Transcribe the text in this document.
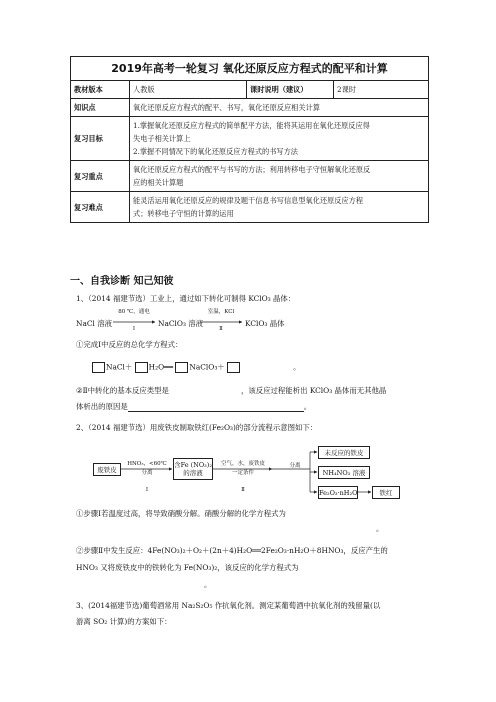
2019年高考一轮复习 氧化还原反应方程式的配平和计算			
教材版本	人教版	课时说明（建议）	2课时
知识点	氧化还原反应方程式的配平、书写，氧化还原反应相关计算		
复习目标	1.掌握氧化还原反应方程式的简单配平方法，能将其运用在氧化还原反应得
失电子相关计算上
2.掌握不同情况下的氧化还原反应方程式的书写方法		

复习重点	氧化还原反应方程式的配平与书写的方法；利用转移电子守恒解氧化还原反
应的相关计算题		

复习难点	能灵活运用氧化还原反应的规律及题干信息书写信息型氧化还原反应方程
式；转移电子守恒的计算的运用		
一、自我诊断 知己知彼
1、（2014 福建节选）工业上，通过如下转化可制得 KClO₃ 晶体：
NaCl 溶液
80 ℃，通电
Ⅰ
NaClO₃ 溶液
室温，KCl
Ⅱ
KClO₃ 晶体
①完成Ⅰ中反应的总化学方程式：
NaCl＋ H₂O══ NaClO₃＋	。
②Ⅱ中转化的基本反应类型是	，该反应过程能析出 KClO₃ 晶体而无其他晶
体析出的原因是	。
2、（2014 福建节选）用废铁皮制取铁红(Fe₂O₃)的部分流程示意图如下：
废铁皮
HNO₃，<60℃
分离
Ⅰ
含Fe (NO₃)₂的溶液
空气，水，废铁皮
一定条件
Ⅱ
分离
未反应的铁皮
NH₄NO₃ 溶液
Fe₂O₃·nH₂O	铁红
①步骤Ⅰ若温度过高，将导致硝酸分解。硝酸分解的化学方程式为
。
②步骤Ⅱ中发生反应：4Fe(NO₃)₂＋O₂＋(2n＋4)H₂O══2Fe₂O₃·nH₂O＋8HNO₃，反应产生的
HNO₃ 又将废铁皮中的铁转化为 Fe(NO₃)₂，该反应的化学方程式为
。
3、(2014福建节选)葡萄酒常用 Na₂S₂O₅ 作抗氧化剂。测定某葡萄酒中抗氧化剂的残留量(以
游离 SO₂ 计算)的方案如下：
